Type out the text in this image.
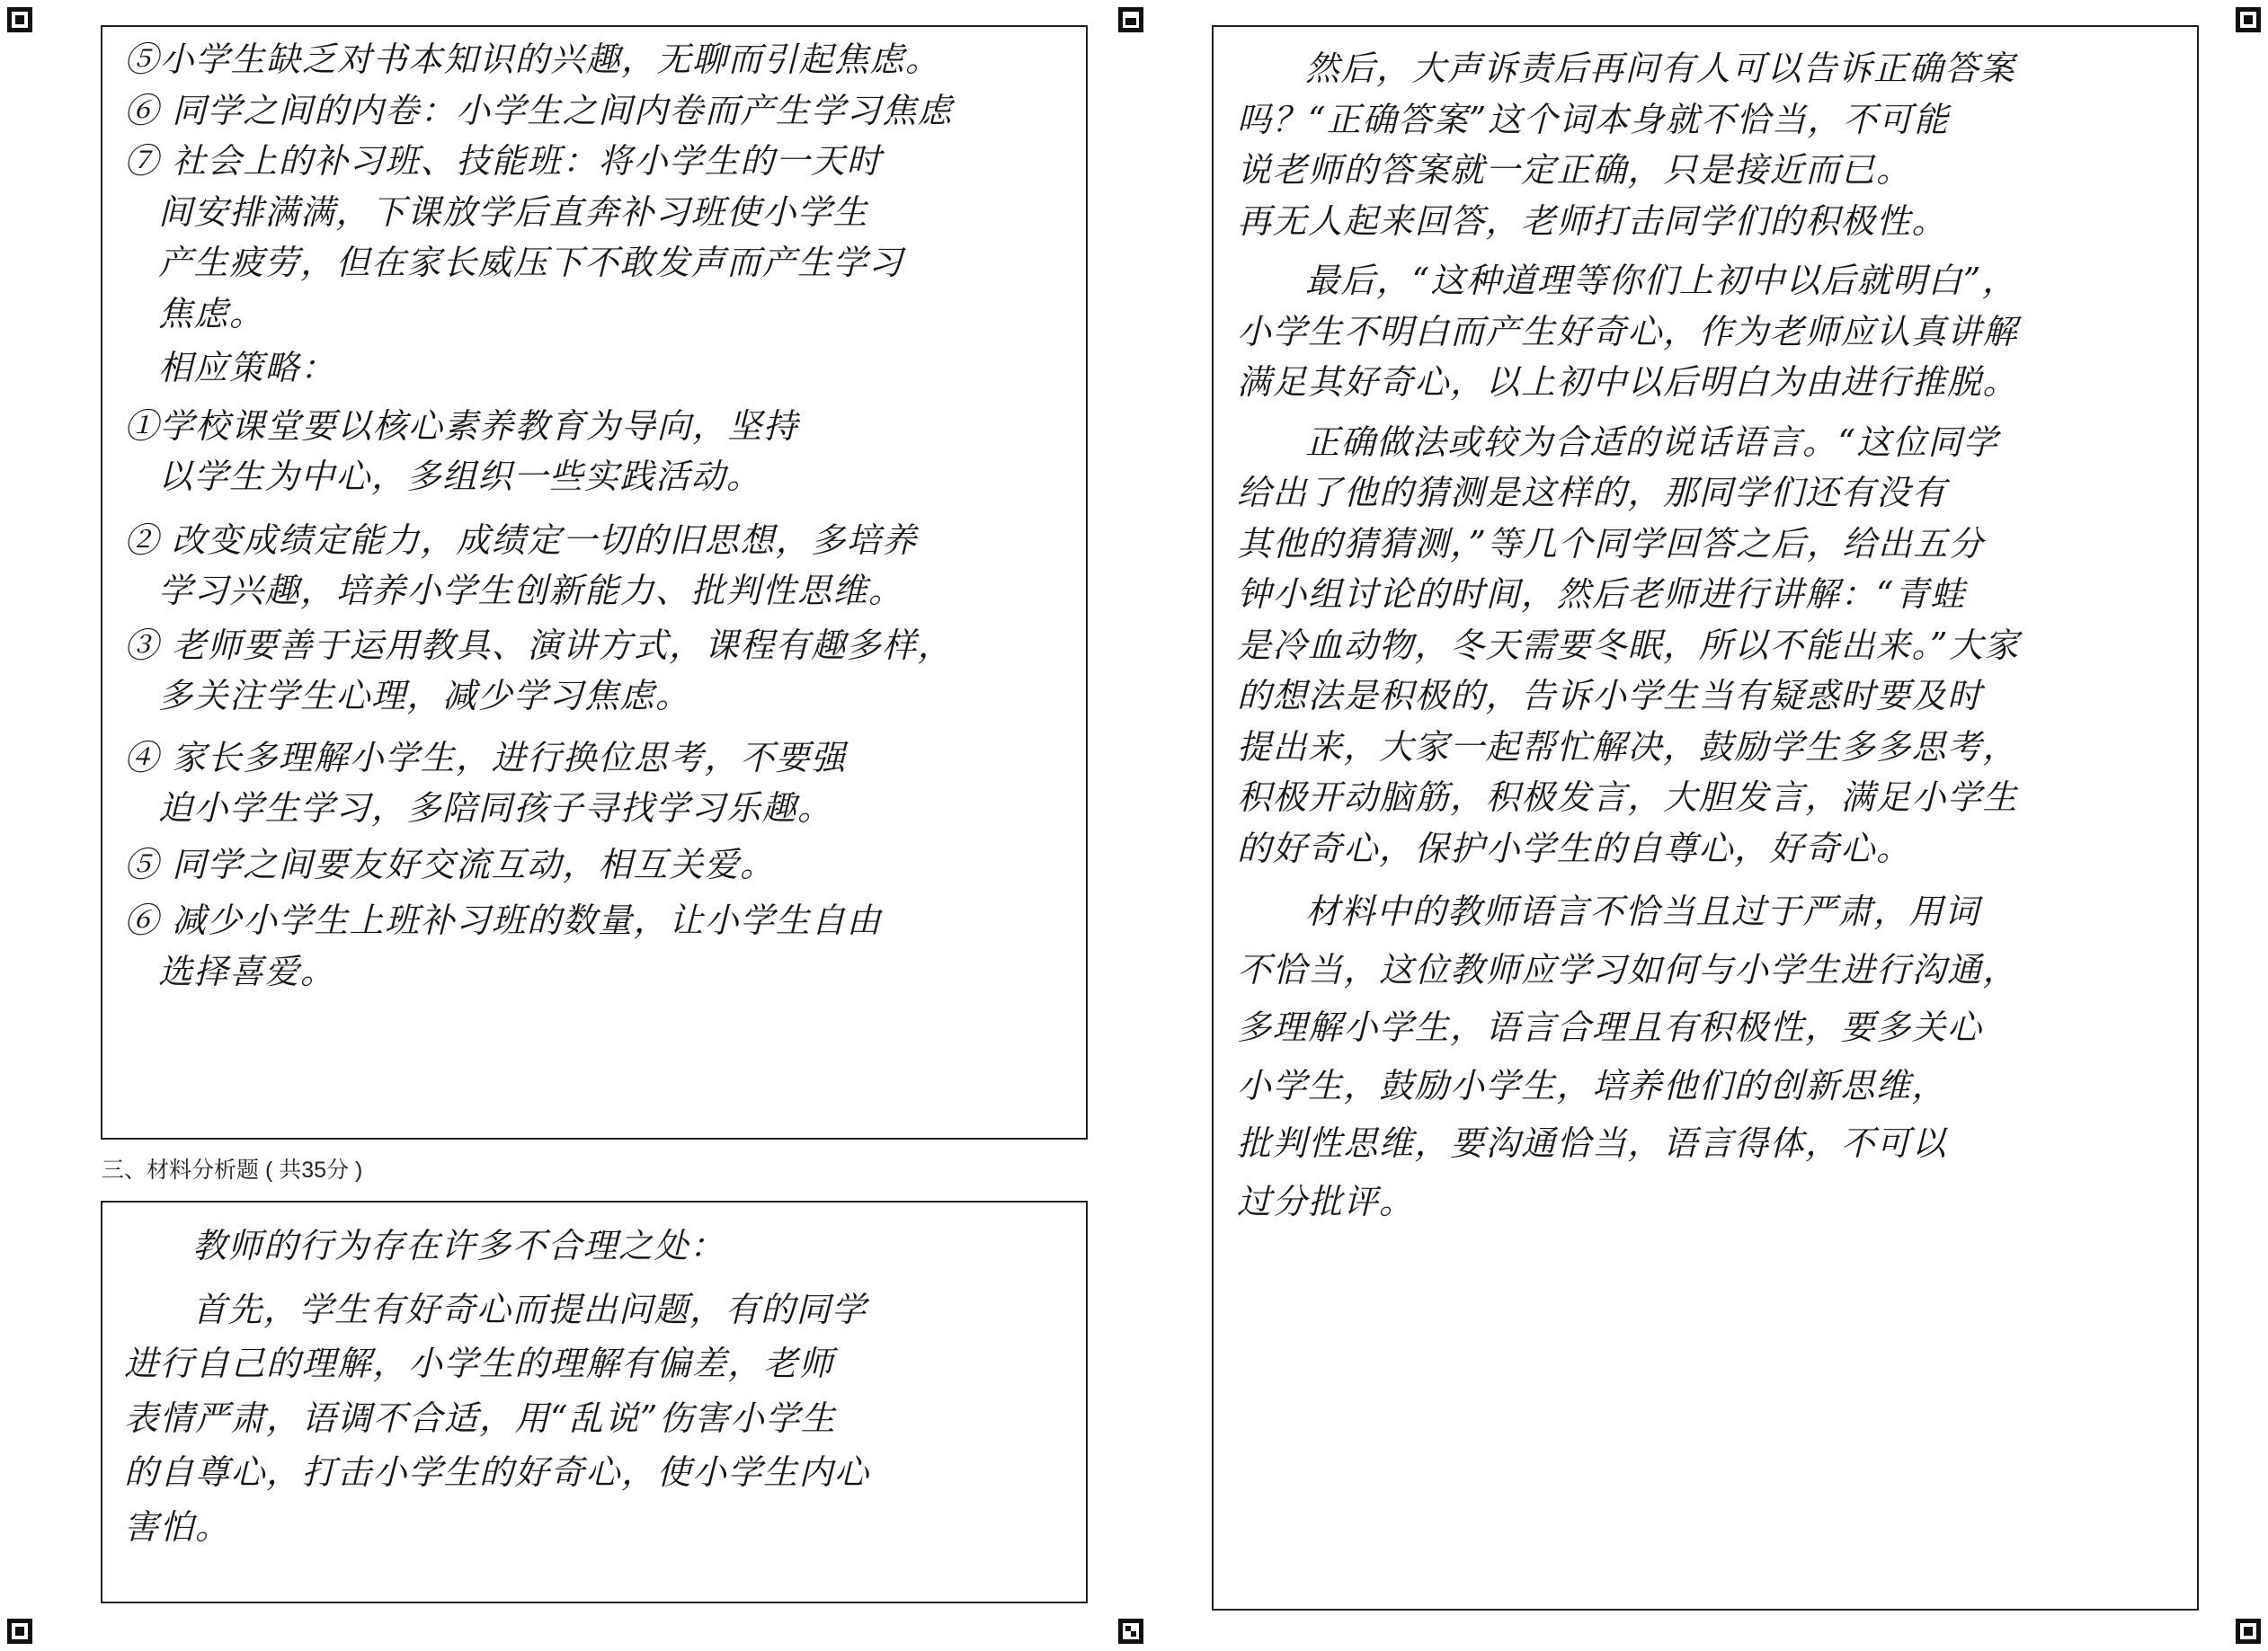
⑤小学生缺乏对书本知识的兴趣，无聊而引起焦虑。

⑥ 同学之间的内卷：小学生之间内卷而产生学习焦虑

⑦ 社会上的补习班、技能班：将小学生的一天时

间安排满满，下课放学后直奔补习班使小学生

产生疲劳，但在家长威压下不敢发声而产生学习

焦虑。

相应策略：

①学校课堂要以核心素养教育为导向，坚持

以学生为中心，多组织一些实践活动。

② 改变成绩定能力，成绩定一切的旧思想，多培养

学习兴趣，培养小学生创新能力、批判性思维。

③ 老师要善于运用教具、演讲方式，课程有趣多样，

多关注学生心理，减少学习焦虑。

④ 家长多理解小学生，进行换位思考，不要强

迫小学生学习，多陪同孩子寻找学习乐趣。

⑤ 同学之间要友好交流互动，相互关爱。

⑥ 减少小学生上班补习班的数量，让小学生自由

选择喜爱。

三、材料分析题 ( 共35分 )

教师的行为存在许多不合理之处：

首先，学生有好奇心而提出问题，有的同学

进行自己的理解，小学生的理解有偏差，老师

表情严肃，语调不合适，用“乱说”伤害小学生

的自尊心，打击小学生的好奇心，使小学生内心

害怕。

然后，大声诉责后再问有人可以告诉正确答案

吗？“正确答案”这个词本身就不恰当，不可能

说老师的答案就一定正确，只是接近而已。

再无人起来回答，老师打击同学们的积极性。

最后，“这种道理等你们上初中以后就明白”，

小学生不明白而产生好奇心，作为老师应认真讲解

满足其好奇心，以上初中以后明白为由进行推脱。

正确做法或较为合适的说话语言。“这位同学

给出了他的猜测是这样的，那同学们还有没有

其他的猜猜测，”等几个同学回答之后，给出五分

钟小组讨论的时间，然后老师进行讲解：“青蛙

是冷血动物，冬天需要冬眠，所以不能出来。”大家

的想法是积极的，告诉小学生当有疑惑时要及时

提出来，大家一起帮忙解决，鼓励学生多多思考，

积极开动脑筋，积极发言，大胆发言，满足小学生

的好奇心，保护小学生的自尊心，好奇心。

材料中的教师语言不恰当且过于严肃，用词

不恰当，这位教师应学习如何与小学生进行沟通，

多理解小学生，语言合理且有积极性，要多关心

小学生，鼓励小学生，培养他们的创新思维，

批判性思维，要沟通恰当，语言得体，不可以

过分批评。
